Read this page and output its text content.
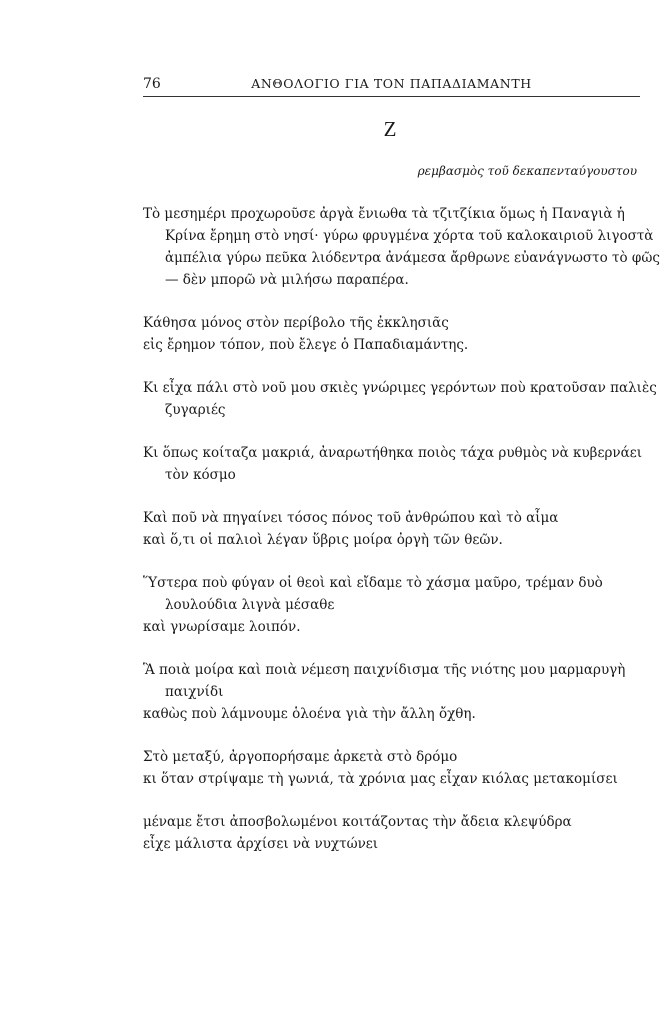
76	ΑΝΘΟΛΟΓΙΟ ΓΙΑ ΤΟΝ ΠΑΠΑΔΙΑΜΑΝΤΗ
Ζ
ρεμβασμὸς τοῦ δεκαπενταύγουστου
Τὸ μεσημέρι προχωροῦσε ἀργὰ ἔνιωθα τὰ τζιτζίκια ὅμως ἡ Παναγιὰ ἡ
Κρίνα ἔρημη στὸ νησί· γύρω φρυγμένα χόρτα τοῦ καλοκαιριοῦ λιγοστὰ
ἀμπέλια γύρω πεῦκα λιόδεντρα ἀνάμεσα ἄρθρωνε εὐανάγνωστο τὸ φῶς
— δὲν μπορῶ νὰ μιλήσω παραπέρα.
Κάθησα μόνος στὸν περίβολο τῆς ἐκκλησιᾶς
εἰς ἔρημον τόπον, ποὺ ἔλεγε ὁ Παπαδιαμάντης.
Κι εἶχα πάλι στὸ νοῦ μου σκιὲς γνώριμες γερόντων ποὺ κρατοῦσαν παλιὲς
ζυγαριές
Κι ὅπως κοίταζα μακριά, ἀναρωτήθηκα ποιὸς τάχα ρυθμὸς νὰ κυβερνάει
τὸν κόσμο
Καὶ ποῦ νὰ πηγαίνει τόσος πόνος τοῦ ἀνθρώπου καὶ τὸ αἷμα
καὶ ὅ,τι οἱ παλιοὶ λέγαν ὕβρις μοίρα ὀργὴ τῶν θεῶν.
Ὕστερα ποὺ φύγαν οἱ θεοὶ καὶ εἴδαμε τὸ χάσμα μαῦρο, τρέμαν δυὸ
λουλούδια λιγνὰ μέσαθε
καὶ γνωρίσαμε λοιπόν.
Ἃ ποιὰ μοίρα καὶ ποιὰ νέμεση παιχνίδισμα τῆς νιότης μου μαρμαρυγὴ
παιχνίδι
καθὼς ποὺ λάμνουμε ὁλοένα γιὰ τὴν ἄλλη ὄχθη.
Στὸ μεταξύ, ἀργοπορήσαμε ἀρκετὰ στὸ δρόμο
κι ὅταν στρίψαμε τὴ γωνιά, τὰ χρόνια μας εἶχαν κιόλας μετακομίσει
μέναμε ἔτσι ἀποσβολωμένοι κοιτάζοντας τὴν ἄδεια κλεψύδρα
εἶχε μάλιστα ἀρχίσει νὰ νυχτώνει
